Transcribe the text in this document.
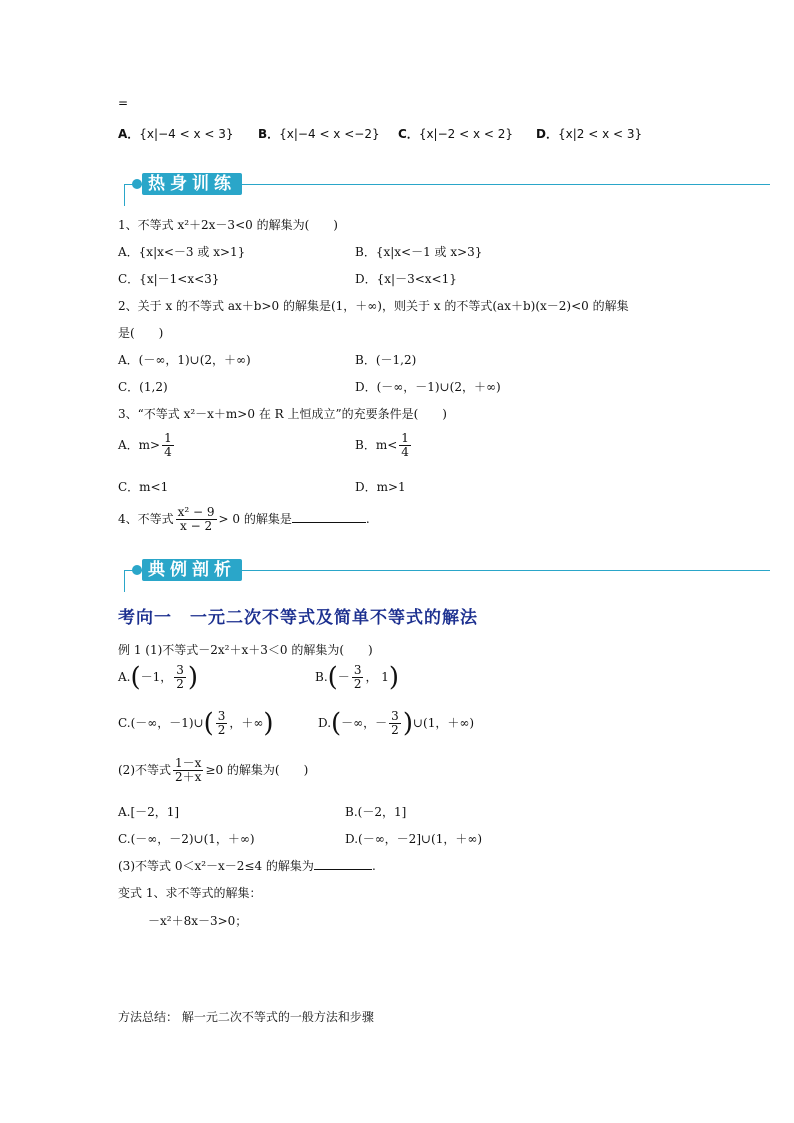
=
A．{x|−4 < x < 3} B．{x|−4 < x <−2} C．{x|−2 < x < 2} D．{x|2 < x < 3}
热身训练
1、不等式 x²＋2x－3<0 的解集为(　　)
A．{x|x<－3 或 x>1}	B．{x|x<－1 或 x>3}
C．{x|－1<x<3}	D．{x|－3<x<1}
2、关于 x 的不等式 ax＋b>0 的解集是(1，＋∞)，则关于 x 的不等式(ax＋b)(x－2)<0 的解集
是(　　)
A．(－∞，1)∪(2，＋∞)	B．(－1,2)
C．(1,2)	D．(－∞，－1)∪(2，＋∞)
3、“不等式 x²－x＋m>0 在 R 上恒成立”的充要条件是(　　)
A．$m> \frac{1}{4}$	B．$m< \frac{1}{4}$
C．m<1	D．m>1
4、不等式 $\frac{\text{x² − 9}}{x - 2} > 0$ 的解集是	.
典例剖析
考向一　一元二次不等式及简单不等式的解法
例 1 (1)不等式－2x²＋x＋3＜0 的解集为(　　)
A.(－1， $\frac{3}{2}$ )	$B.(- \frac{3}{2}$ ， 1)
C.(－∞，－1)∪( $\frac{3}{2}$ ，＋∞)	D.(－∞，－ $\frac{3}{2}$ )∪(1，＋∞)
(2)不等式 $\frac{1-x}{2+x} \ge 0$ 的解集为(　　)
A.[－2，1]	B.(－2，1]
C.(－∞，－2)∪(1，＋∞)	D.(－∞，－2]∪(1，＋∞)
(3)不等式 0＜x²－x－2≤4 的解集为	.
变式 1、求不等式的解集：
－x²＋8x－3>0；
方法总结： 解一元二次不等式的一般方法和步骤
